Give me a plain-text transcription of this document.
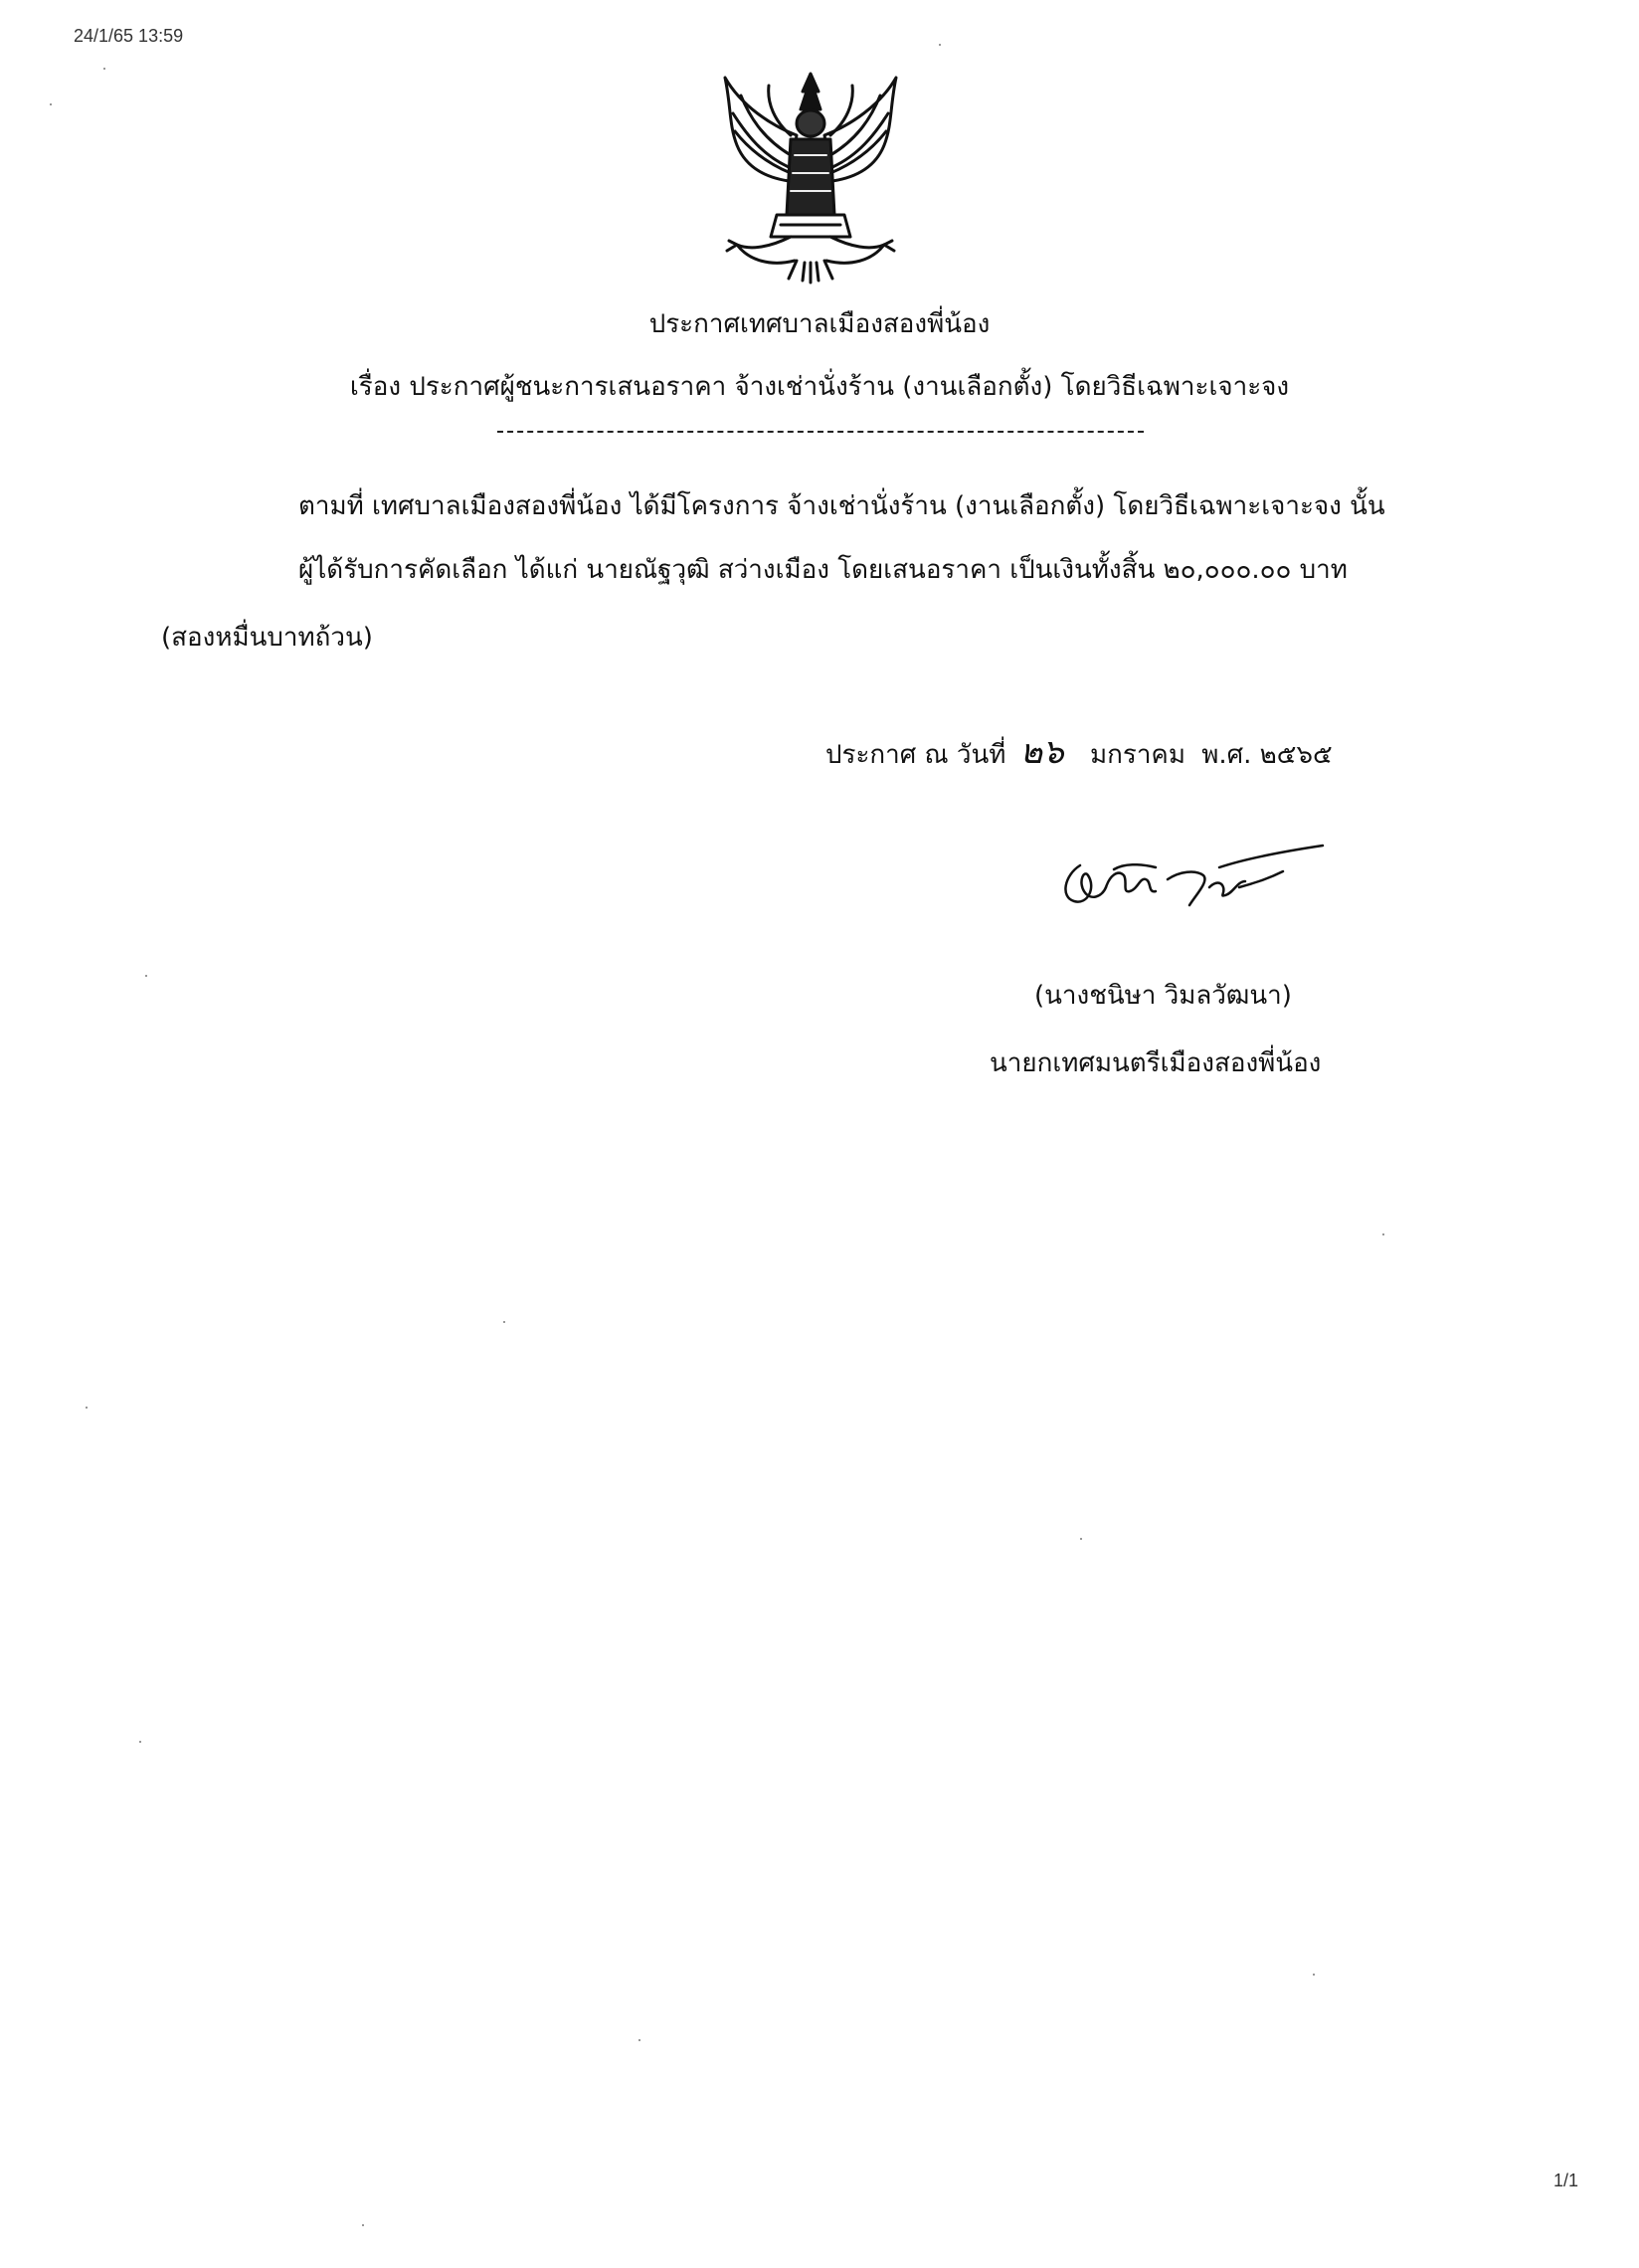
24/1/65 13:59
ประกาศเทศบาลเมืองสองพี่น้อง
เรื่อง ประกาศผู้ชนะการเสนอราคา จ้างเช่านั่งร้าน (งานเลือกตั้ง) โดยวิธีเฉพาะเจาะจง
ตามที่ เทศบาลเมืองสองพี่น้อง ได้มีโครงการ จ้างเช่านั่งร้าน (งานเลือกตั้ง) โดยวิธีเฉพาะเจาะจง นั้น
ผู้ได้รับการคัดเลือก ได้แก่ นายณัฐวุฒิ สว่างเมือง โดยเสนอราคา เป็นเงินทั้งสิ้น ๒๐,๐๐๐.๐๐ บาท
(สองหมื่นบาทถ้วน)
ประกาศ ณ วันที่ ๒๖ มกราคม พ.ศ. ๒๕๖๕
(นางชนิษา วิมลวัฒนา)
นายกเทศมนตรีเมืองสองพี่น้อง
1/1
